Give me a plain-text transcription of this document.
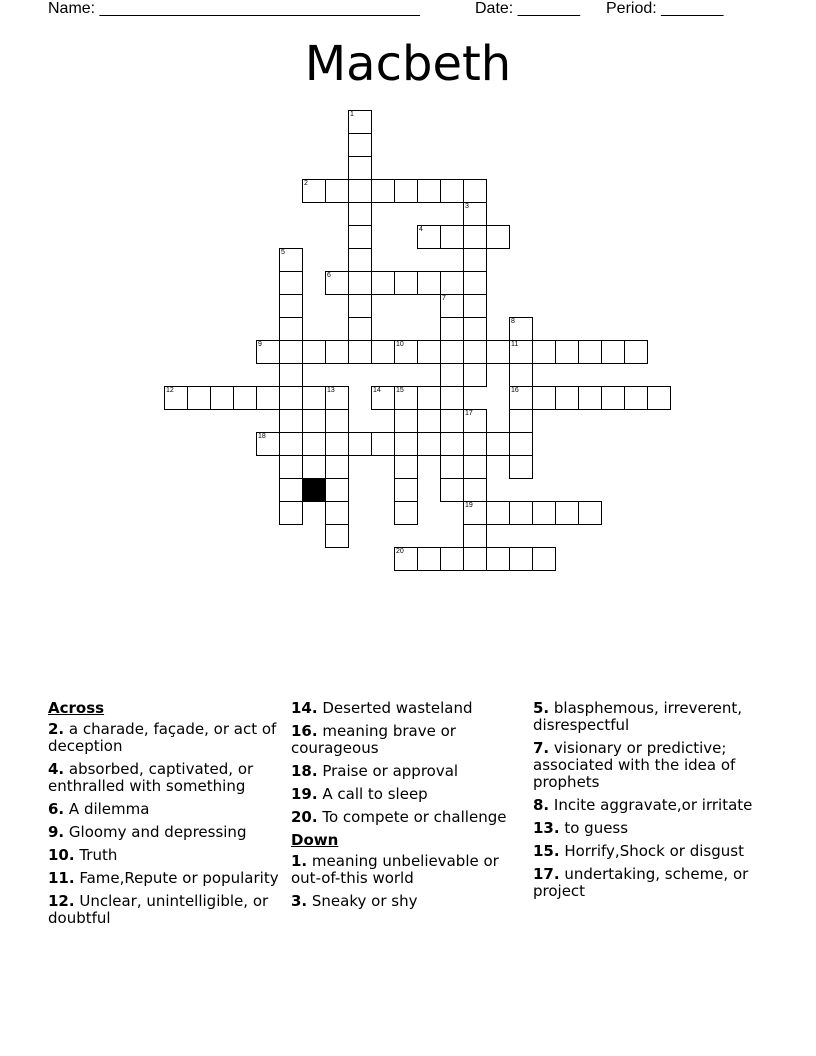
Name: ____________________________________	Date: _______ Period: _______
Macbeth
1
2
3
4
5
6
7
8
11
16
9	10
12	13	14 15
17
19
18
20
Across
2. a charade, façade, or act of deception
4. absorbed, captivated, or enthralled with something
6. A dilemma
9. Gloomy and depressing
10. Truth
11. Fame,Repute or popularity
12. Unclear, unintelligible, or doubtful
14. Deserted wasteland
16. meaning brave or courageous
18. Praise or approval
19. A call to sleep
20. To compete or challenge
Down
1. meaning unbelievable or out-of-this world
3. Sneaky or shy
5. blasphemous, irreverent, disrespectful
7. visionary or predictive; associated with the idea of prophets
8. Incite aggravate,or irritate
13. to guess
15. Horrify,Shock or disgust
17. undertaking, scheme, or project
